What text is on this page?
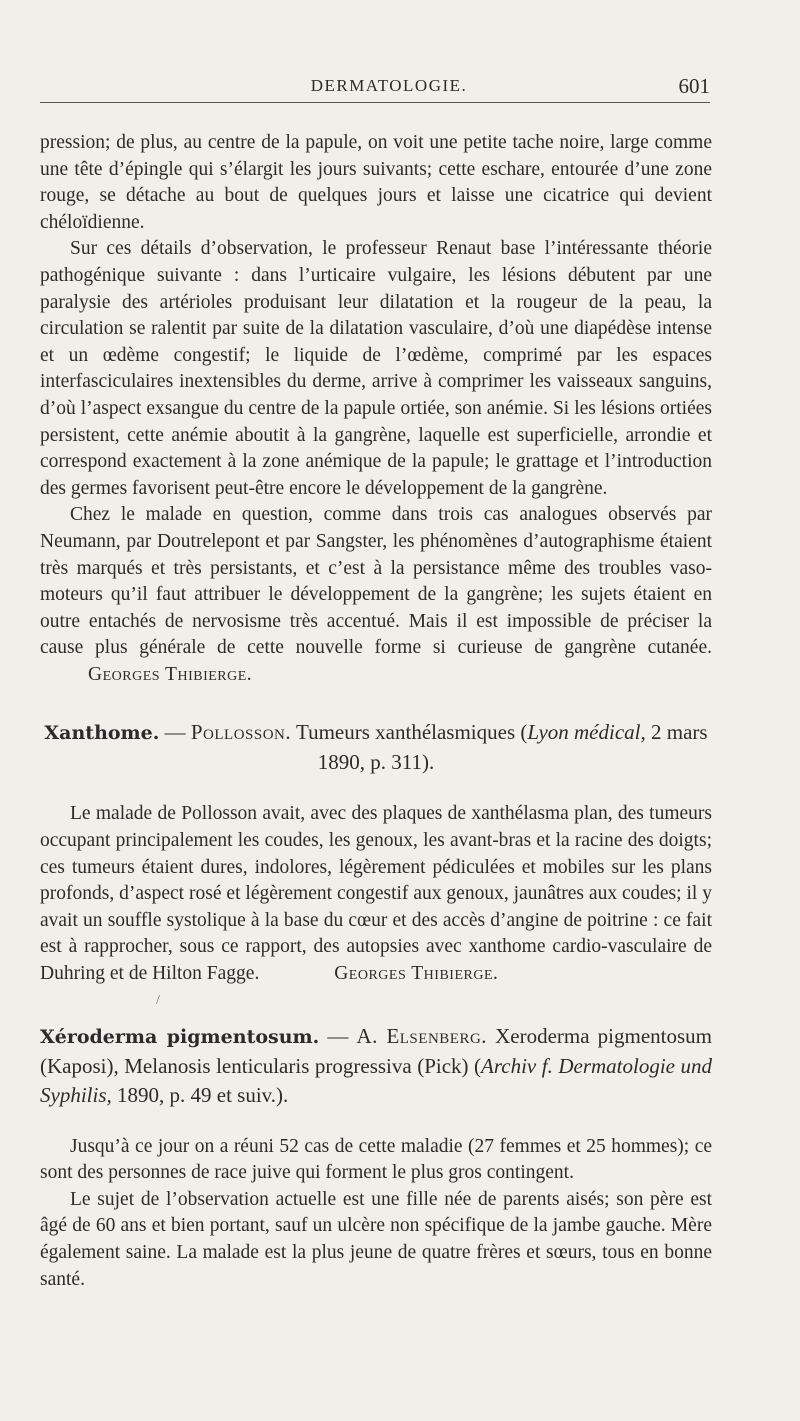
DERMATOLOGIE.	601

pression; de plus, au centre de la papule, on voit une petite tache noire, large comme une tête d’épingle qui s’élargit les jours suivants; cette eschare, entourée d’une zone rouge, se détache au bout de quelques jours et laisse une cicatrice qui devient chéloïdienne.

Sur ces détails d’observation, le professeur Renaut base l’intéressante théorie pathogénique suivante : dans l’urticaire vulgaire, les lésions débutent par une paralysie des artérioles produisant leur dilatation et la rougeur de la peau, la circulation se ralentit par suite de la dilatation vasculaire, d’où une diapédèse intense et un œdème congestif; le liquide de l’œdème, comprimé par les espaces interfasciculaires inextensibles du derme, arrive à comprimer les vaisseaux sanguins, d’où l’aspect exsangue du centre de la papule ortiée, son anémie. Si les lésions ortiées persistent, cette anémie aboutit à la gangrène, laquelle est superficielle, arrondie et correspond exactement à la zone anémique de la papule; le grattage et l’introduction des germes favorisent peut-être encore le développement de la gangrène.

Chez le malade en question, comme dans trois cas analogues observés par Neumann, par Doutrelepont et par Sangster, les phénomènes d’autographisme étaient très marqués et très persistants, et c’est à la persistance même des troubles vaso-moteurs qu’il faut attribuer le développement de la gangrène; les sujets étaient en outre entachés de nervosisme très accentué. Mais il est impossible de préciser la cause plus générale de cette nouvelle forme si curieuse de gangrène cutanée. Georges Thibierge.

Xanthome. — Pollosson. Tumeurs xanthélasmiques (Lyon médical, 2 mars 1890, p. 311).

Le malade de Pollosson avait, avec des plaques de xanthélasma plan, des tumeurs occupant principalement les coudes, les genoux, les avant-bras et la racine des doigts; ces tumeurs étaient dures, indolores, légèrement pédiculées et mobiles sur les plans profonds, d’aspect rosé et légèrement congestif aux genoux, jaunâtres aux coudes; il y avait un souffle systolique à la base du cœur et des accès d’angine de poitrine : ce fait est à rapprocher, sous ce rapport, des autopsies avec xanthome cardio-vasculaire de Duhring et de Hilton Fagge.	Georges Thibierge.

Xéroderma pigmentosum. — A. Elsenberg. Xeroderma pigmentosum (Kaposi), Melanosis lenticularis progressiva (Pick) (Archiv f. Dermatologie und Syphilis, 1890, p. 49 et suiv.).

Jusqu’à ce jour on a réuni 52 cas de cette maladie (27 femmes et 25 hommes); ce sont des personnes de race juive qui forment le plus gros contingent.

Le sujet de l’observation actuelle est une fille née de parents aisés; son père est âgé de 60 ans et bien portant, sauf un ulcère non spécifique de la jambe gauche. Mère également saine. La malade est la plus jeune de quatre frères et sœurs, tous en bonne santé.

/
